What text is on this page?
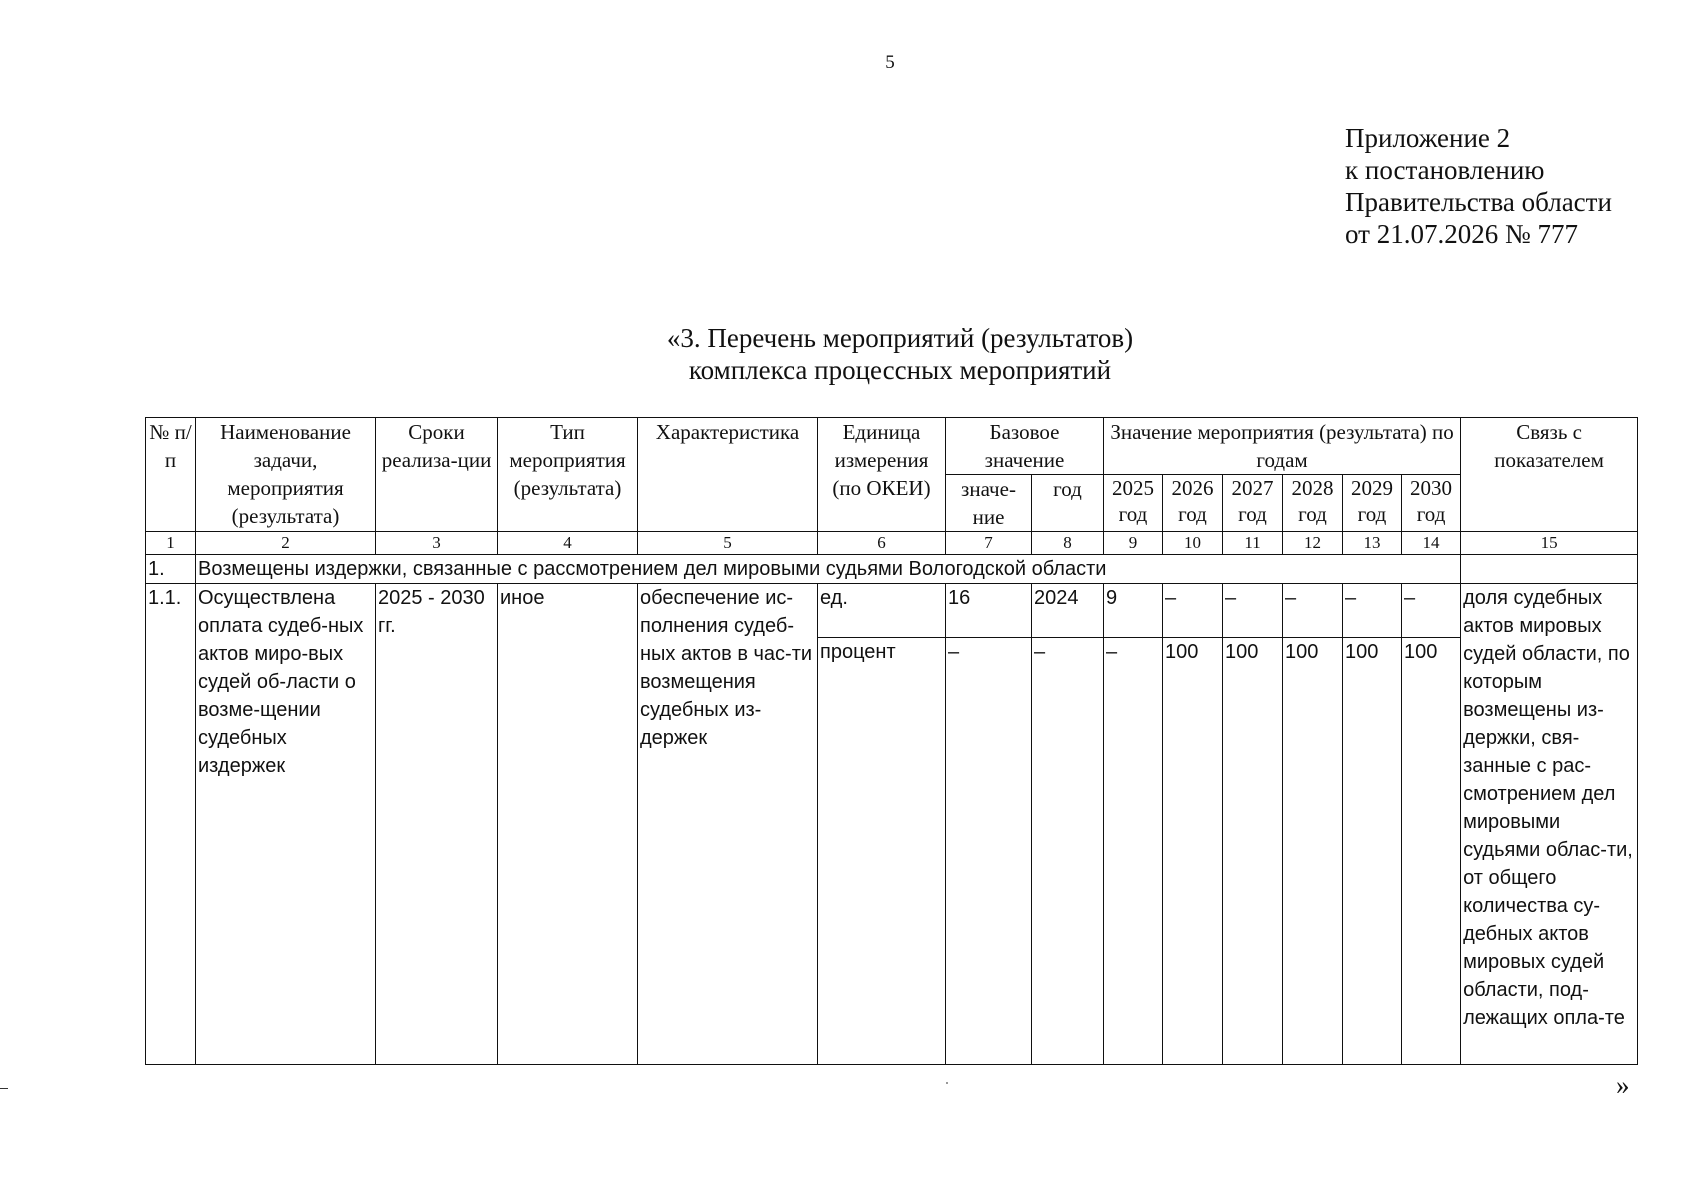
5
Приложение 2
к постановлению
Правительства области
от 21.07.2026 № 777
«3. Перечень мероприятий (результатов)
комплекса процессных мероприятий
№ п/п	Наименование задачи, мероприятия (результата)	Сроки реализа-ции	Тип мероприятия (результата)	Характеристика	Единица измерения (по ОКЕИ)	Базовое значение		Значение мероприятия (результата) по годам						Связь с показателем
						значе-ние	год	2025 год	2026 год	2027 год	2028 год	2029 год	2030 год	
1	2	3	4	5	6	7	8	9	10	11	12	13	14	15
1.	Возмещены издержки, связанные с рассмотрением дел мировыми судьями Вологодской области													
1.1.	Осуществлена оплата судеб-ных актов миро-вых судей об-ласти о возме-щении судебных издержек	2025 - 2030 гг.	иное	обеспечение ис-полнения судеб-ных актов в час-ти возмещения судебных из-держек	ед.	16	2024	9	–	–	–	–	–	доля судебных актов мировых судей области, по которым возмещены из-держки, свя-занные с рас-смотрением дел мировыми судьями облас-ти, от общего количества су-дебных актов мировых судей области, под-лежащих опла-те
					процент	–	–	–	100	100	100	100	100	
»
